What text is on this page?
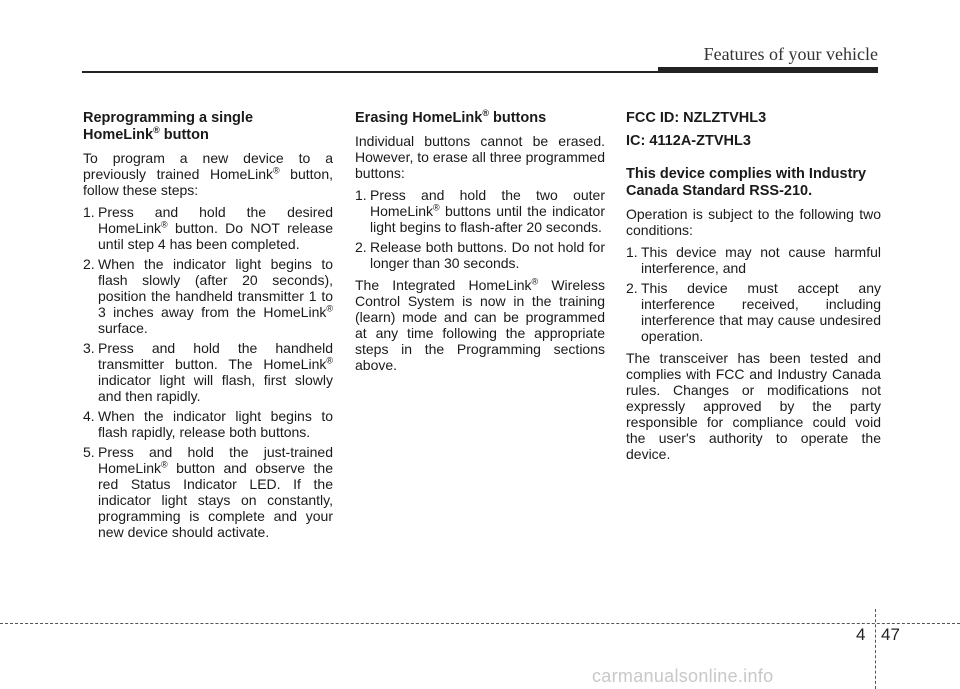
Features of your vehicle
Reprogramming a single
HomeLink® button

To program a new device to a previously trained HomeLink® button, follow these steps:

1. Press and hold the desired HomeLink® button. Do NOT release until step 4 has been completed.
2. When the indicator light begins to flash slowly (after 20 seconds), position the handheld transmitter 1 to 3 inches away from the HomeLink® surface.
3. Press and hold the handheld transmitter button. The HomeLink® indicator light will flash, first slowly and then rapidly.
4. When the indicator light begins to flash rapidly, release both buttons.
5. Press and hold the just-trained HomeLink® button and observe the red Status Indicator LED. If the indicator light stays on constantly, programming is complete and your new device should activate.
Erasing HomeLink® buttons

Individual buttons cannot be erased. However, to erase all three programmed buttons:

1. Press and hold the two outer HomeLink® buttons until the indicator light begins to flash-after 20 seconds.
2. Release both buttons. Do not hold for longer than 30 seconds.

The Integrated HomeLink® Wireless Control System is now in the training (learn) mode and can be programmed at any time following the appropriate steps in the Programming sections above.

FCC ID: NZLZTVHL3
IC: 4112A-ZTVHL3
This device complies with Industry Canada Standard RSS-210.

Operation is subject to the following two conditions:

1. This device may not cause harmful interference, and
2. This device must accept any interference received, including interference that may cause undesired operation.

The transceiver has been tested and complies with FCC and Industry Canada rules. Changes or modifications not expressly approved by the party responsible for compliance could void the user's authority to operate the device.

4 47
carmanualsonline.info
